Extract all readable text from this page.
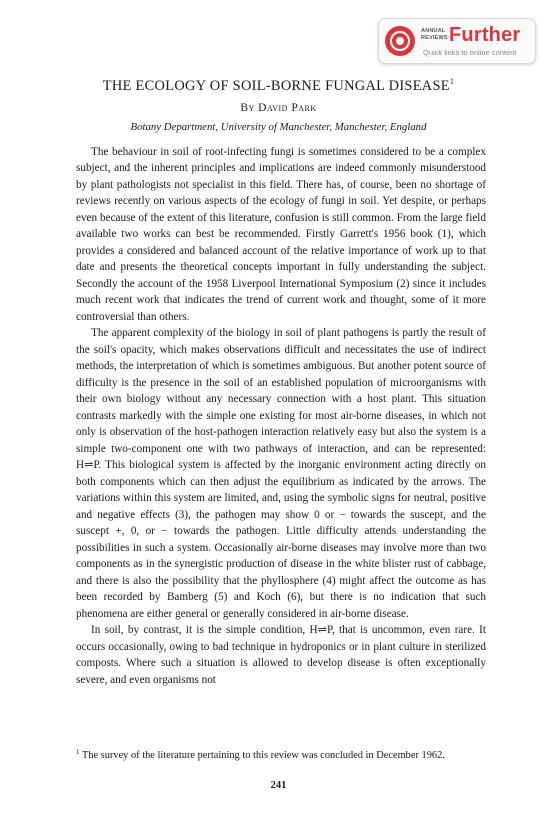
ANNUAL
REVIEWS Further
Quick links to online content
THE ECOLOGY OF SOIL-BORNE FUNGAL DISEASE$^1$
By David Park
Botany Department, University of Manchester, Manchester, England

The behaviour in soil of root-infecting fungi is sometimes considered to be a complex subject, and the inherent principles and implications are indeed commonly misunderstood by plant pathologists not specialist in this field. There has, of course, been no shortage of reviews recently on various aspects of the ecology of fungi in soil. Yet despite, or perhaps even because of the extent of this literature, confusion is still common. From the large field available two works can best be recommended. Firstly Garrett's 1956 book (1), which provides a considered and balanced account of the relative importance of work up to that date and presents the theoretical concepts important in fully understanding the subject. Secondly the account of the 1958 Liverpool International Symposium (2) since it includes much recent work that indicates the trend of current work and thought, some of it more controversial than others.

The apparent complexity of the biology in soil of plant pathogens is partly the result of the soil's opacity, which makes observations difficult and necessitates the use of indirect methods, the interpretation of which is sometimes ambiguous. But another potent source of difficulty is the presence in the soil of an established population of microorganisms with their own biology without any necessary connection with a host plant. This situation contrasts markedly with the simple one existing for most air-borne diseases, in which not only is observation of the host-pathogen interaction relatively easy but also the system is a simple two-component one with two pathways of interaction, and can be represented: H⇌P. This biological system is affected by the inorganic environment acting directly on both components which can then adjust the equilibrium as indicated by the arrows. The variations within this system are limited, and, using the symbolic signs for neutral, positive and negative effects (3), the pathogen may show 0 or − towards the suscept, and the suscept +, 0, or − towards the pathogen. Little difficulty attends understanding the possibilities in such a system. Occasionally air-borne diseases may involve more than two components as in the synergistic production of disease in the white blister rust of cabbage, and there is also the possibility that the phyllosphere (4) might affect the outcome as has been recorded by Bamberg (5) and Koch (6), but there is no indication that such phenomena are either general or generally considered in air-borne disease.

In soil, by contrast, it is the simple condition, H⇌P, that is uncommon, even rare. It occurs occasionally, owing to bad technique in hydroponics or in plant culture in sterilized composts. Where such a situation is allowed to develop disease is often exceptionally severe, and even organisms not

$^1$ The survey of the literature pertaining to this review was concluded in December 1962.
241
